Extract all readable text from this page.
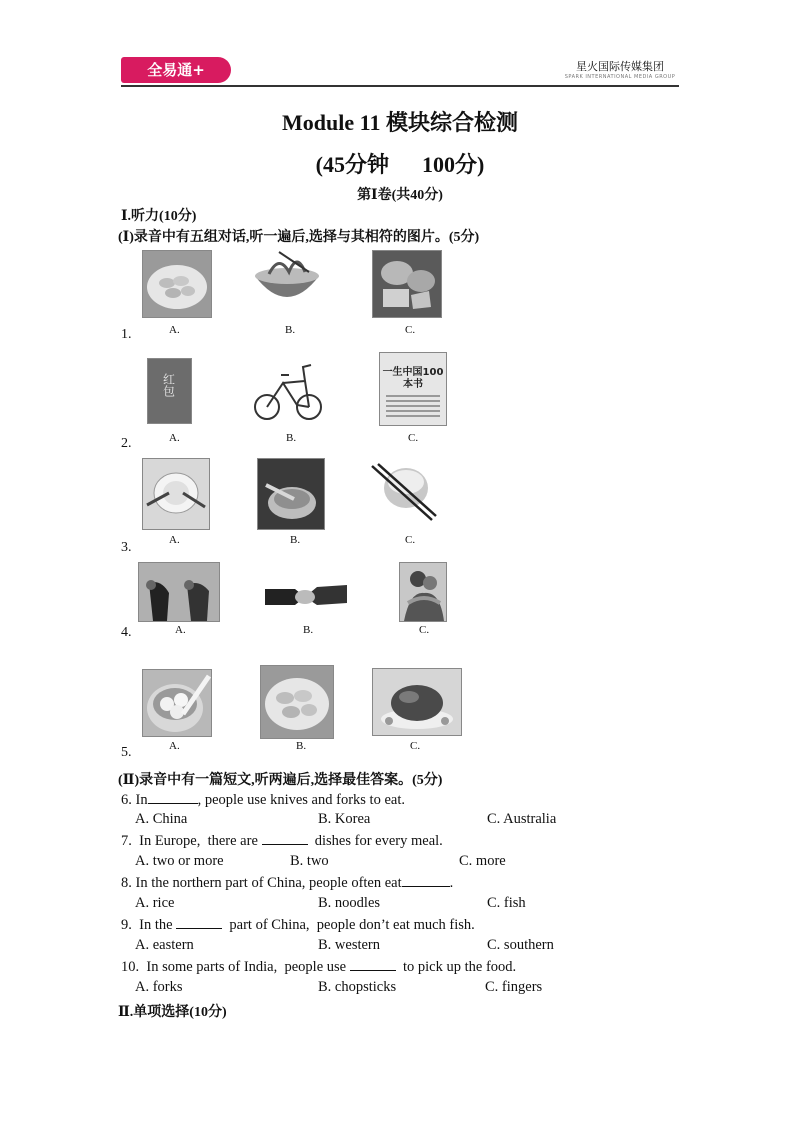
全易通+	星火国际传媒集团
SPARK INTERNATIONAL MEDIA GROUP
Module 11 模块综合检测
(45分钟      100分)
第Ⅰ卷(共40分)
Ⅰ.听力(10分)
(Ⅰ)录音中有五组对话,听一遍后,选择与其相符的图片。(5分)
1.	A.	B.	C.
2.
红包
A.	B.
一生中国100本书
C.
3.	A.	B.	C.
4.	A.	B.	C.
5.	A.	B.	C.
(Ⅱ)录音中有一篇短文,听两遍后,选择最佳答案。(5分)
6. In	, people use knives and forks to eat.
A. China	B. Korea	C. Australia
7.  In Europe,  there are	dishes for every meal.
A. two or more	B. two	C. more
8. In the northern part of China, people often eat	.
A. rice	B. noodles	C. fish
9.  In the	part of China,  people don’t eat much fish.
A. eastern	B. western	C. southern
10.  In some parts of India,  people use	to pick up the food.
A. forks	B. chopsticks	C. fingers
Ⅱ.单项选择(10分)
